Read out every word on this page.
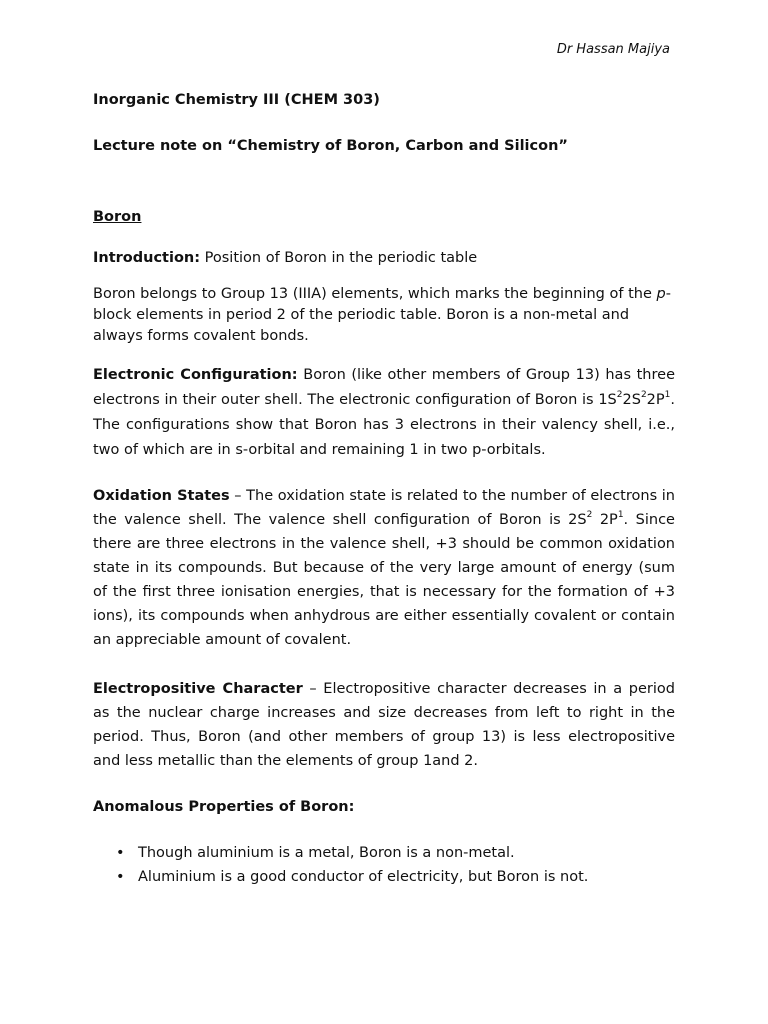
Dr Hassan Majiya
Inorganic Chemistry III (CHEM 303)
Lecture note on “Chemistry of Boron, Carbon and Silicon”
Boron
Introduction: Position of Boron in the periodic table

Boron belongs to Group 13 (IIIA) elements, which marks the beginning of the p-block elements in period 2 of the periodic table. Boron is a non-metal and always forms covalent bonds.

Electronic Configuration: Boron (like other members of Group 13) has three electrons in their outer shell. The electronic configuration of Boron is $1S^22S^22P^1$. The configurations show that Boron has 3 electrons in their valency shell, i.e., two of which are in s-orbital and remaining 1 in two p-orbitals.

Oxidation States – The oxidation state is related to the number of electrons in the valence shell. The valence shell configuration of Boron is $2S^2$ $2P^1$. Since there are three electrons in the valence shell, +3 should be common oxidation state in its compounds. But because of the very large amount of energy (sum of the first three ionisation energies, that is necessary for the formation of +3 ions), its compounds when anhydrous are either essentially covalent or contain an appreciable amount of covalent.

Electropositive Character – Electropositive character decreases in a period as the nuclear charge increases and size decreases from left to right in the period. Thus, Boron (and other members of group 13) is less electropositive and less metallic than the elements of group 1and 2.

Anomalous Properties of Boron:
• Though aluminium is a metal, Boron is a non-metal.
• Aluminium is a good conductor of electricity, but Boron is not.
